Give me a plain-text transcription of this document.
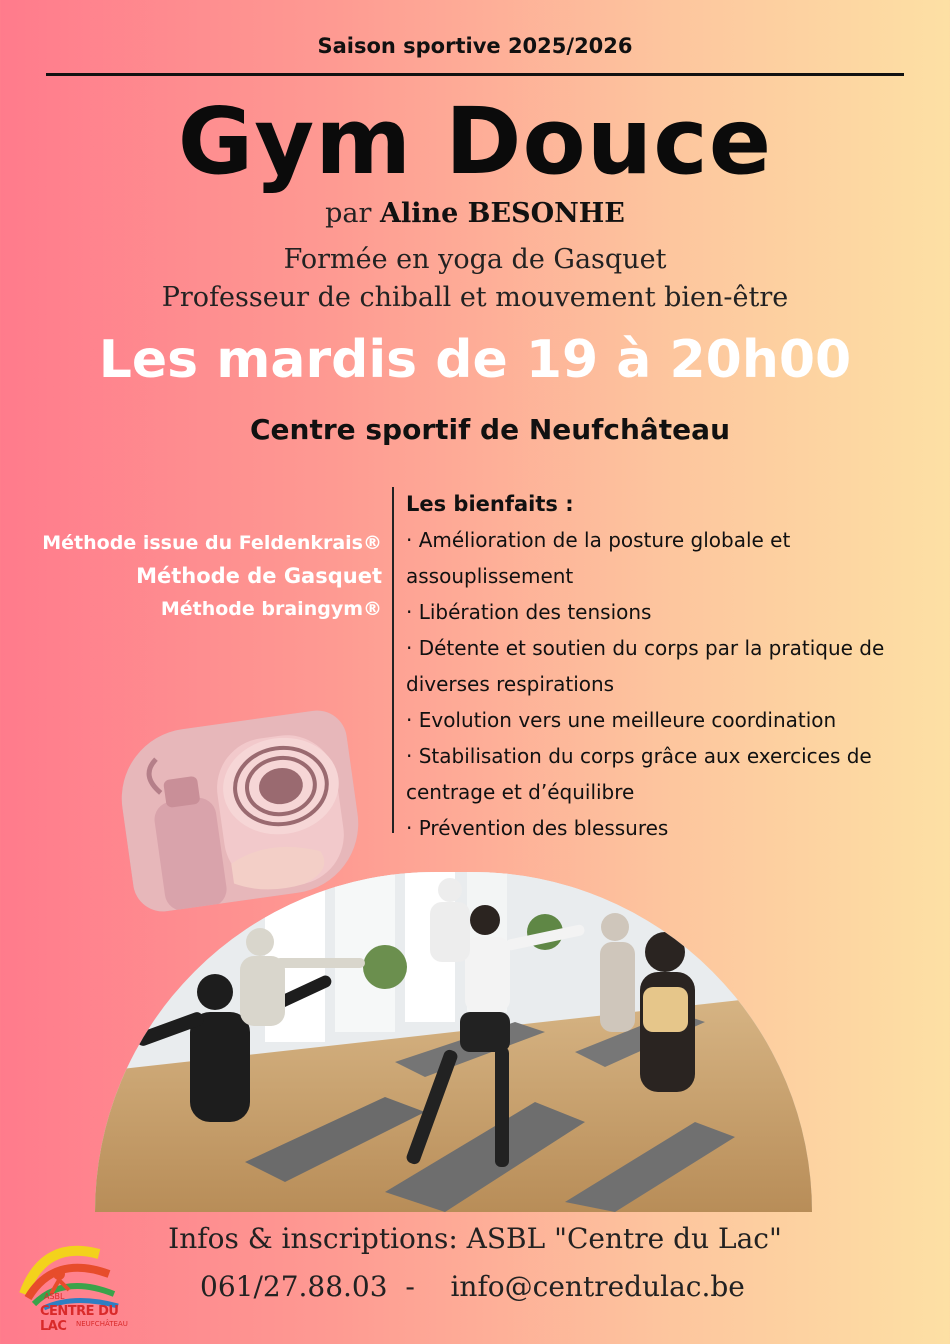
Saison sportive 2025/2026
Gym Douce
par Aline BESONHE
Formée en yoga de Gasquet
Professeur de chiball et mouvement bien-être
Les mardis de 19 à 20h00
Centre sportif de Neufchâteau
Méthode issue du Feldenkrais®
Méthode de Gasquet
Méthode braingym®
Les bienfaits :
· Amélioration de la posture globale et assouplissement
· Libération des tensions
· Détente et soutien du corps par la pratique de diverses respirations
· Evolution vers une meilleure coordination
· Stabilisation du corps grâce aux exercices de centrage et d’équilibre
· Prévention des blessures
ASBL
CENTRE DU LAC	NEUFCHÂTEAU
Infos & inscriptions: ASBL "Centre du Lac"
061/27.88.03  -    info@centredulac.be
